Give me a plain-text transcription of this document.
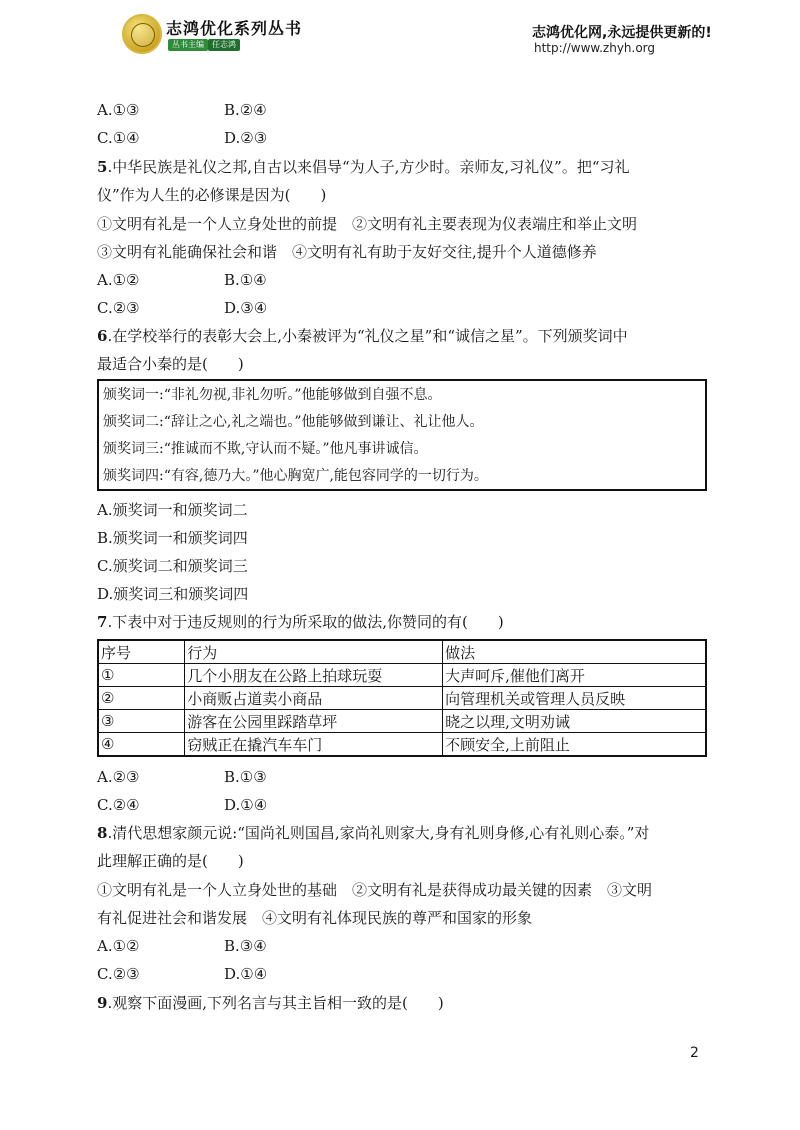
志鸿优化系列丛书
丛书主编	任志鸿
志鸿优化网,永远提供更新的!
http://www.zhyh.org
A.①③	B.②④
C.①④	D.②③
5.中华民族是礼仪之邦,自古以来倡导“为人子,方少时。亲师友,习礼仪”。把“习礼
仪”作为人生的必修课是因为(　　)
①文明有礼是一个人立身处世的前提　②文明有礼主要表现为仪表端庄和举止文明
③文明有礼能确保社会和谐　④文明有礼有助于友好交往,提升个人道德修养
A.①②	B.①④
C.②③	D.③④
6.在学校举行的表彰大会上,小秦被评为“礼仪之星”和“诚信之星”。下列颁奖词中
最适合小秦的是(　　)
颁奖词一:“非礼勿视,非礼勿听。”他能够做到自强不息。
颁奖词二:“辞让之心,礼之端也。”他能够做到谦让、礼让他人。
颁奖词三:“推诚而不欺,守认而不疑。”他凡事讲诚信。
颁奖词四:“有容,德乃大。”他心胸宽广,能包容同学的一切行为。
A.颁奖词一和颁奖词二
B.颁奖词一和颁奖词四
C.颁奖词二和颁奖词三
D.颁奖词三和颁奖词四
7.下表中对于违反规则的行为所采取的做法,你赞同的有(　　)
序号	行为	做法
①	几个小朋友在公路上拍球玩耍	大声呵斥,催他们离开
②	小商贩占道卖小商品	向管理机关或管理人员反映
③	游客在公园里踩踏草坪	晓之以理,文明劝诫
④	窃贼正在撬汽车车门	不顾安全,上前阻止
A.②③	B.①③
C.②④	D.①④
8.清代思想家颜元说:“国尚礼则国昌,家尚礼则家大,身有礼则身修,心有礼则心泰。”对
此理解正确的是(　　)
①文明有礼是一个人立身处世的基础　②文明有礼是获得成功最关键的因素　③文明
有礼促进社会和谐发展　④文明有礼体现民族的尊严和国家的形象
A.①②	B.③④
C.②③	D.①④
9.观察下面漫画,下列名言与其主旨相一致的是(　　)
2
